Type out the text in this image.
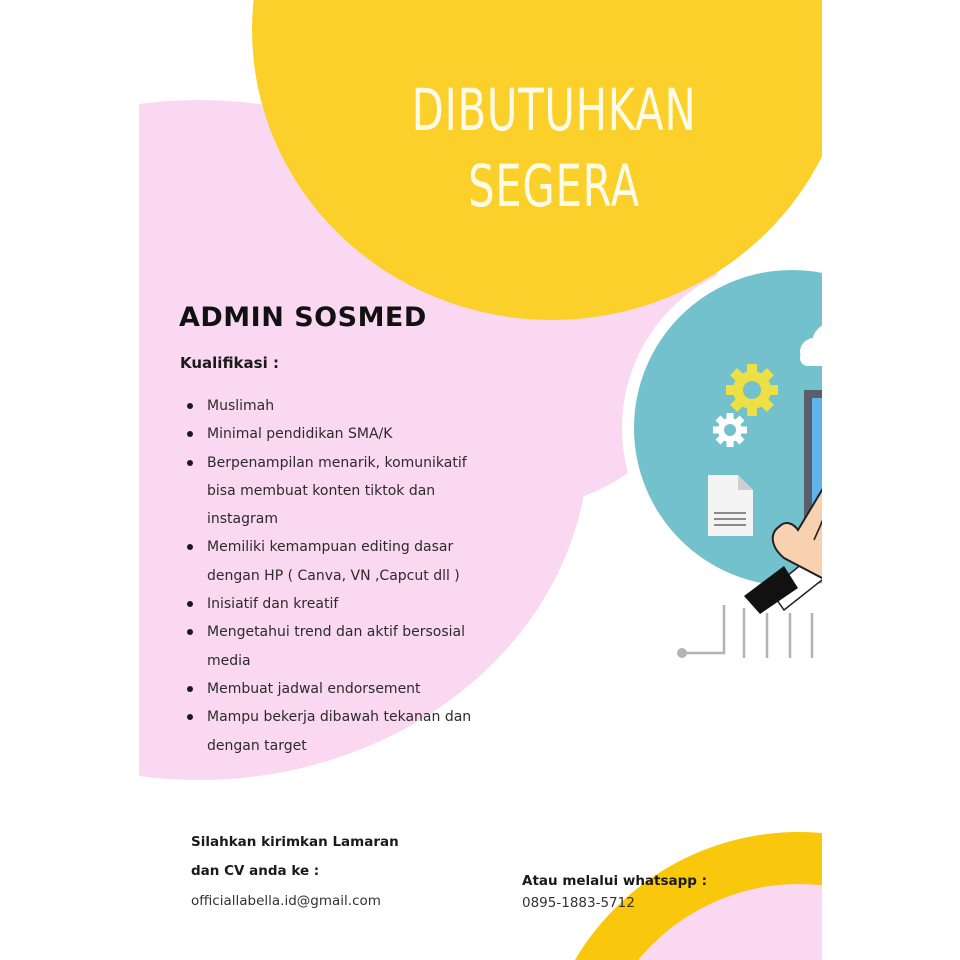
DIBUTUHKAN
SEGERA
ADMIN SOSMED
Kualifikasi :
Muslimah
Minimal pendidikan SMA/K
Berpenampilan menarik, komunikatif
bisa membuat konten tiktok dan
instagram
Memiliki kemampuan editing dasar
dengan HP ( Canva, VN ,Capcut dll )
Inisiatif dan kreatif
Mengetahui trend dan aktif bersosial
media
Membuat jadwal endorsement
Mampu bekerja dibawah tekanan dan
dengan target
Silahkan kirimkan Lamaran
dan CV anda ke :
officiallabella.id@gmail.com
Atau melalui whatsapp :
0895-1883-5712
